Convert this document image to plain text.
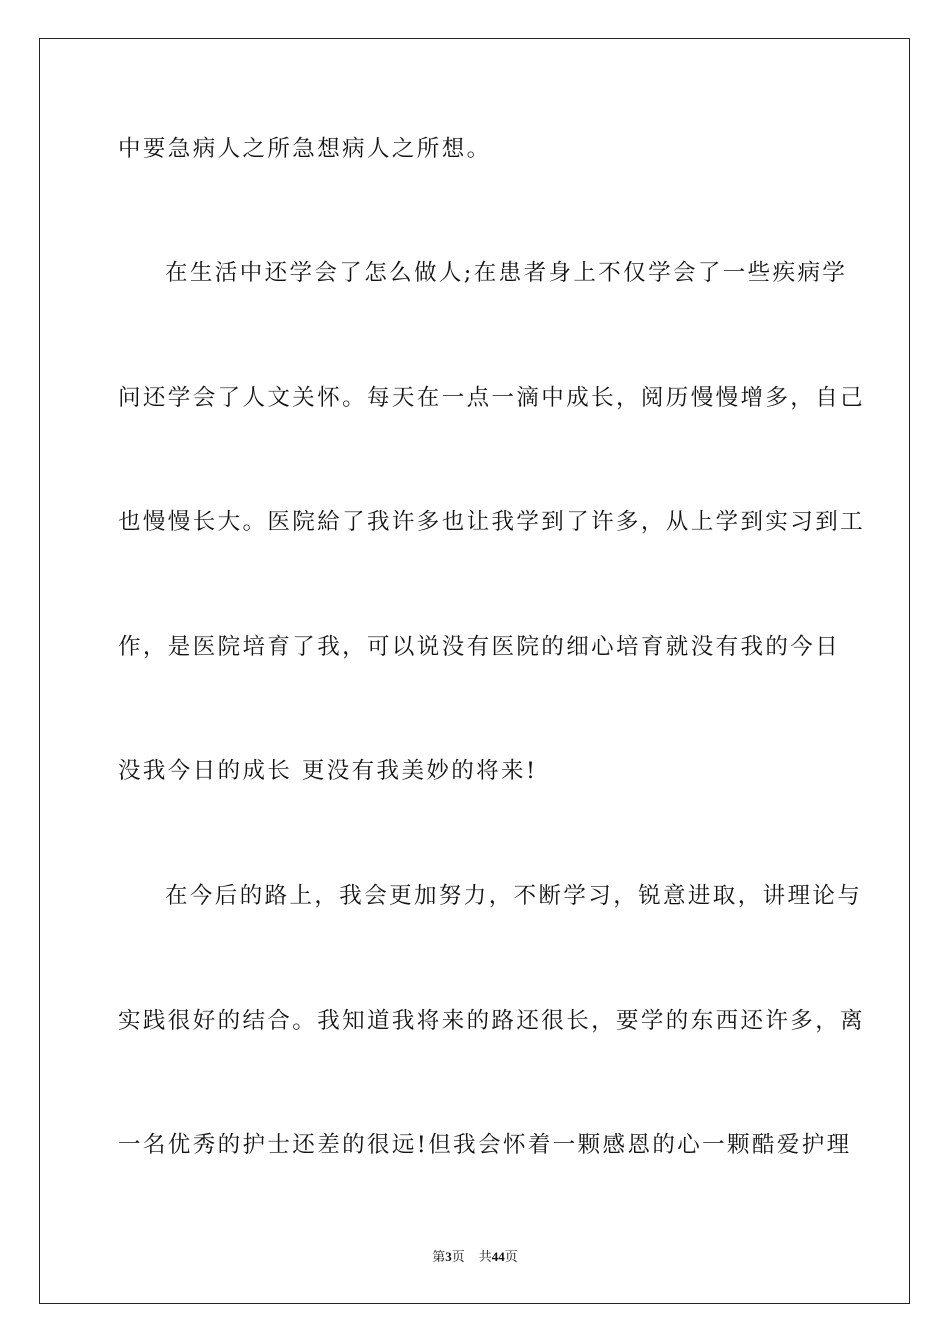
中要急病人之所急想病人之所想。
在生活中还学会了怎么做人;在患者身上不仅学会了一些疾病学
问还学会了人文关怀。每天在一点一滴中成长，阅历慢慢增多，自己
也慢慢长大。医院給了我许多也让我学到了许多，从上学到实习到工
作，是医院培育了我，可以说没有医院的细心培育就没有我的今日
没我今日的成长 更没有我美妙的将来!
在今后的路上，我会更加努力，不断学习，锐意进取，讲理论与
实践很好的结合。我知道我将来的路还很长，要学的东西还许多，离
一名优秀的护士还差的很远!但我会怀着一颗感恩的心一颗酷爱护理
第3页 共44页
